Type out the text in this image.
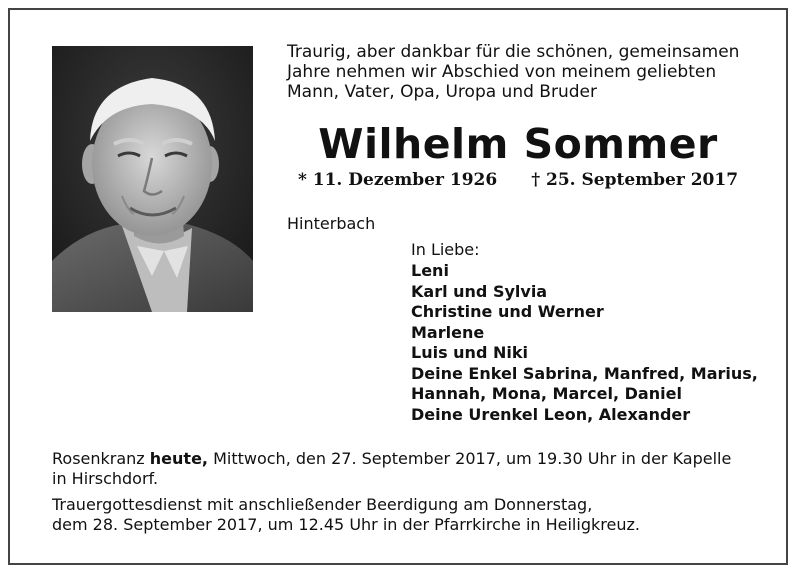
Traurig, aber dankbar für die schönen, gemeinsamen
Jahre nehmen wir Abschied von meinem geliebten
Mann, Vater, Opa, Uropa und Bruder
Wilhelm Sommer
* 11. Dezember 1926 † 25. September 2017
Hinterbach
In Liebe:
Leni
Karl und Sylvia
Christine und Werner
Marlene
Luis und Niki
Deine Enkel Sabrina, Manfred, Marius,
Hannah, Mona, Marcel, Daniel
Deine Urenkel Leon, Alexander
Rosenkranz heute, Mittwoch, den 27. September 2017, um 19.30 Uhr in der Kapelle
in Hirschdorf.
Trauergottesdienst mit anschließender Beerdigung am Donnerstag,
dem 28. September 2017, um 12.45 Uhr in der Pfarrkirche in Heiligkreuz.
